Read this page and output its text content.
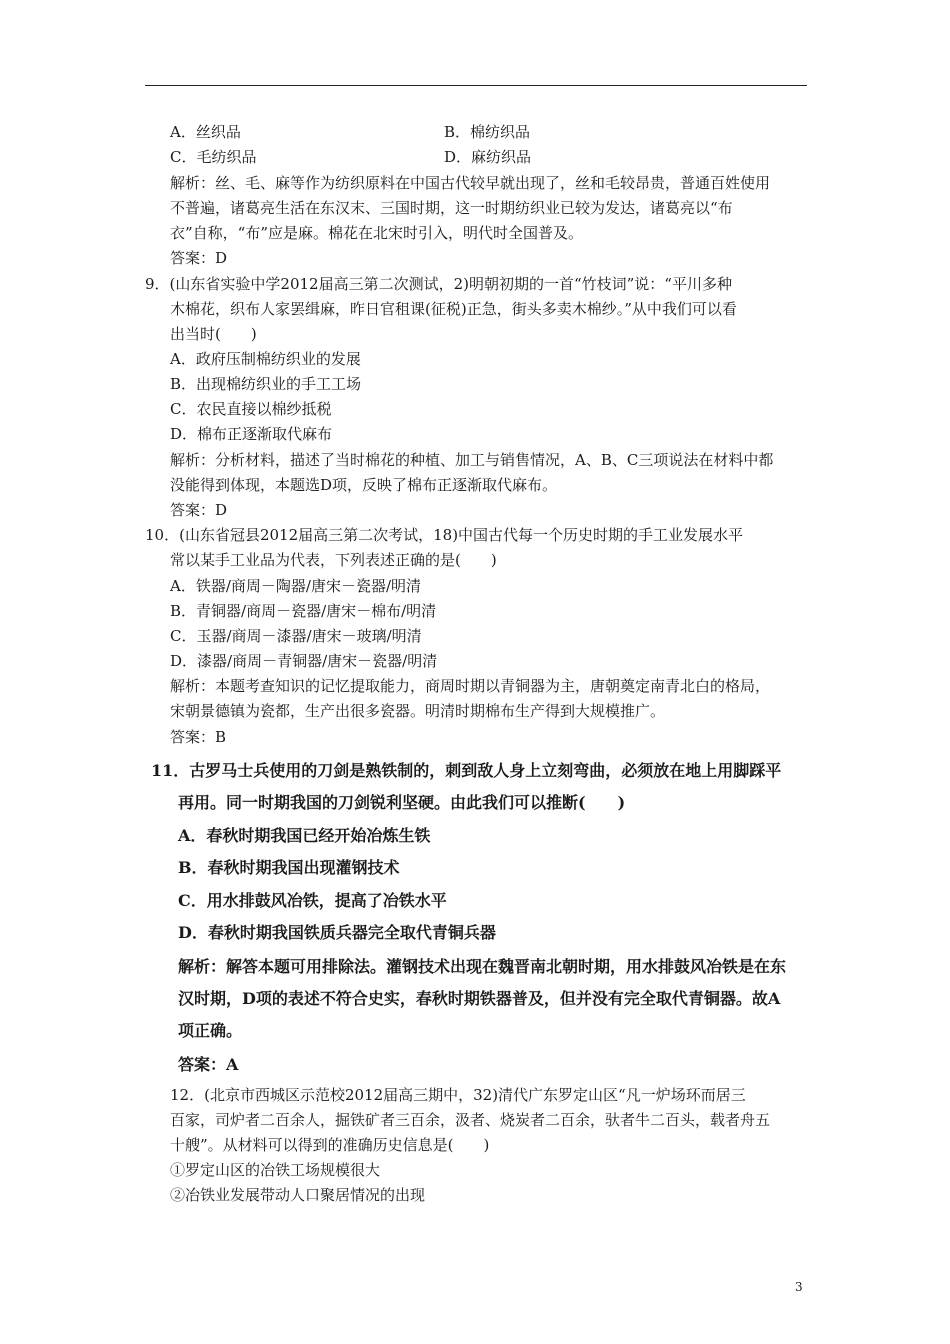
A．丝织品	B．棉纺织品
C．毛纺织品	D．麻纺织品
解析：丝、毛、麻等作为纺织原料在中国古代较早就出现了，丝和毛较昂贵，普通百姓使用
不普遍，诸葛亮生活在东汉末、三国时期，这一时期纺织业已较为发达，诸葛亮以“布
衣”自称，“布”应是麻。棉花在北宋时引入，明代时全国普及。
答案：D
9．(山东省实验中学2012届高三第二次测试，2)明朝初期的一首“竹枝词”说：“平川多种
木棉花，织布人家罢缉麻，昨日官租课(征税)正急，街头多卖木棉纱。”从中我们可以看
出当时(　　)
A．政府压制棉纺织业的发展
B．出现棉纺织业的手工工场
C．农民直接以棉纱抵税
D．棉布正逐渐取代麻布
解析：分析材料，描述了当时棉花的种植、加工与销售情况，A、B、C三项说法在材料中都
没能得到体现，本题选D项，反映了棉布正逐渐取代麻布。
答案：D
10．(山东省冠县2012届高三第二次考试，18)中国古代每一个历史时期的手工业发展水平
常以某手工业品为代表，下列表述正确的是(　　)
A．铁器/商周－陶器/唐宋－瓷器/明清
B．青铜器/商周－瓷器/唐宋－棉布/明清
C．玉器/商周－漆器/唐宋－玻璃/明清
D．漆器/商周－青铜器/唐宋－瓷器/明清
解析：本题考查知识的记忆提取能力，商周时期以青铜器为主，唐朝奠定南青北白的格局，
宋朝景德镇为瓷都，生产出很多瓷器。明清时期棉布生产得到大规模推广。
答案：B
11．古罗马士兵使用的刀剑是熟铁制的，刺到敌人身上立刻弯曲，必须放在地上用脚踩平
再用。同一时期我国的刀剑锐利坚硬。由此我们可以推断(　　)
A．春秋时期我国已经开始冶炼生铁
B．春秋时期我国出现灌钢技术
C．用水排鼓风冶铁，提高了冶铁水平
D．春秋时期我国铁质兵器完全取代青铜兵器
解析：解答本题可用排除法。灌钢技术出现在魏晋南北朝时期，用水排鼓风冶铁是在东
汉时期，D项的表述不符合史实，春秋时期铁器普及，但并没有完全取代青铜器。故A
项正确。
答案：A
12．(北京市西城区示范校2012届高三期中，32)清代广东罗定山区“凡一炉场环而居三
百家，司炉者二百余人，掘铁矿者三百余，汲者、烧炭者二百余，驮者牛二百头，载者舟五
十艘”。从材料可以得到的准确历史信息是(　　)
①罗定山区的冶铁工场规模很大
②冶铁业发展带动人口聚居情况的出现
3
